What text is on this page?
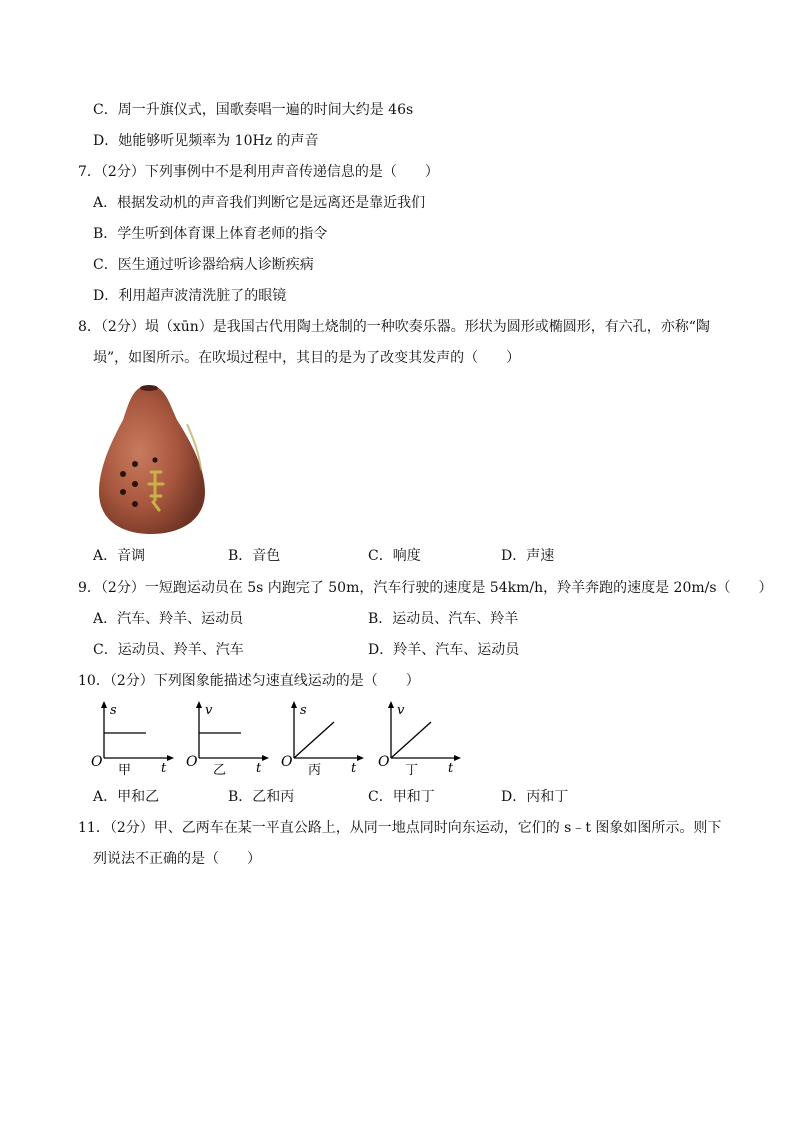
C．周一升旗仪式，国歌奏唱一遍的时间大约是 46s
D．她能够听见频率为 10Hz 的声音
7．（2分）下列事例中不是利用声音传递信息的是（　　）
A．根据发动机的声音我们判断它是远离还是靠近我们
B．学生听到体育课上体育老师的指令
C．医生通过听诊器给病人诊断疾病
D．利用超声波清洗脏了的眼镜
8．（2分）埙（xūn）是我国古代用陶土烧制的一种吹奏乐器。形状为圆形或椭圆形，有六孔，亦称“陶
埙”，如图所示。在吹埙过程中，其目的是为了改变其发声的（　　）
A．音调	B．音色	C．响度	D．声速
9．（2分）一短跑运动员在 5s 内跑完了 50m，汽车行驶的速度是 54km/h，羚羊奔跑的速度是 20m/s（　　）
A．汽车、羚羊、运动员	B．运动员、汽车、羚羊
C．运动员、羚羊、汽车	D．羚羊、汽车、运动员
10．（2分）下列图象能描述匀速直线运动的是（　　）
s
O	t
甲
v
O	t
乙
s
O	t
丙
v
O	t
丁
A．甲和乙	B．乙和丙	C．甲和丁	D．丙和丁
11．（2分）甲、乙两车在某一平直公路上，从同一地点同时向东运动，它们的 s﹣t 图象如图所示。则下
列说法不正确的是（　　）
